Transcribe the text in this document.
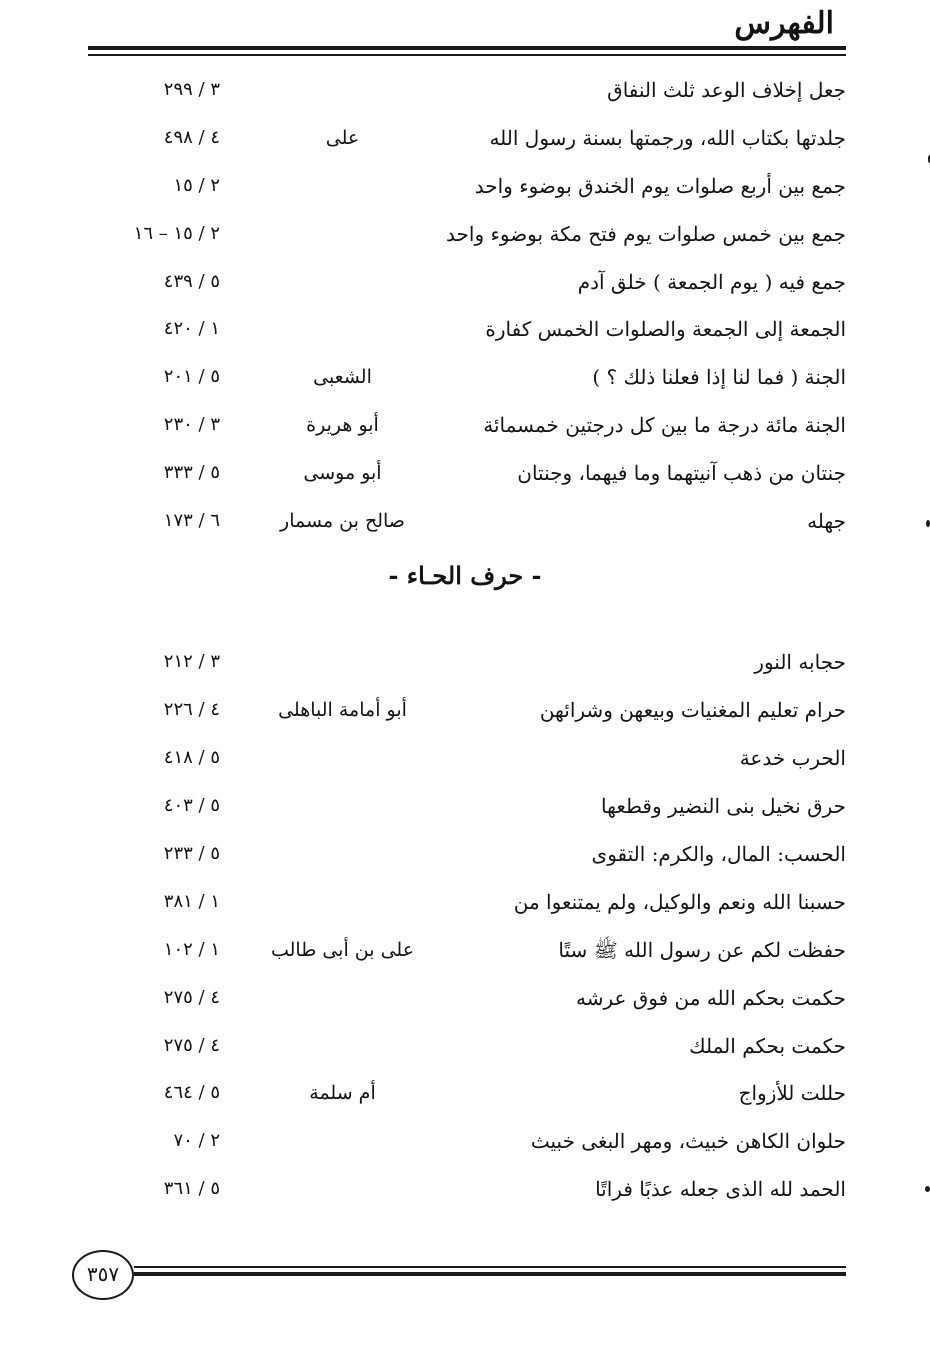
الفهرس
جعل إخلاف الوعد ثلث النفاق
٣ / ٢٩٩
جلدتها بكتاب الله، ورجمتها بسنة رسول الله
على
٤ / ٤٩٨
جمع بين أربع صلوات يوم الخندق بوضوء واحد
٢ / ١٥
جمع بين خمس صلوات يوم فتح مكة بوضوء واحد
٢ / ١٥ – ١٦
جمع فيه ( يوم الجمعة ) خلق آدم
٥ / ٤٣٩
الجمعة إلى الجمعة والصلوات الخمس كفارة
١ / ٤٢٠
الجنة ( فما لنا إذا فعلنا ذلك ؟ )
الشعبى
٥ / ٢٠١
الجنة مائة درجة ما بين كل درجتين خمسمائة
أبو هريرة
٣ / ٢٣٠
جنتان من ذهب آنيتهما وما فيهما، وجنتان
أبو موسى
٥ / ٣٣٣
جهله
صالح بن مسمار
٦ / ١٧٣
- حرف الحـاء -
حجابه النور
٣ / ٢١٢
حرام تعليم المغنيات وبيعهن وشرائهن
أبو أمامة الباهلى
٤ / ٢٢٦
الحرب خدعة
٥ / ٤١٨
حرق نخيل بنى النضير وقطعها
٥ / ٤٠٣
الحسب: المال، والكرم: التقوى
٥ / ٢٣٣
حسبنا الله ونعم والوكيل، ولم يمتنعوا من
١ / ٣٨١
حفظت لكم عن رسول الله ﷺ ستًا
على بن أبى طالب
١ / ١٠٢
حكمت بحكم الله من فوق عرشه
٤ / ٢٧٥
حكمت بحكم الملك
٤ / ٢٧٥
حللت للأزواج
أم سلمة
٥ / ٤٦٤
حلوان الكاهن خبيث، ومهر البغى خبيث
٢ / ٧٠
الحمد لله الذى جعله عذبًا فراتًا
٥ / ٣٦١
٣٥٧
